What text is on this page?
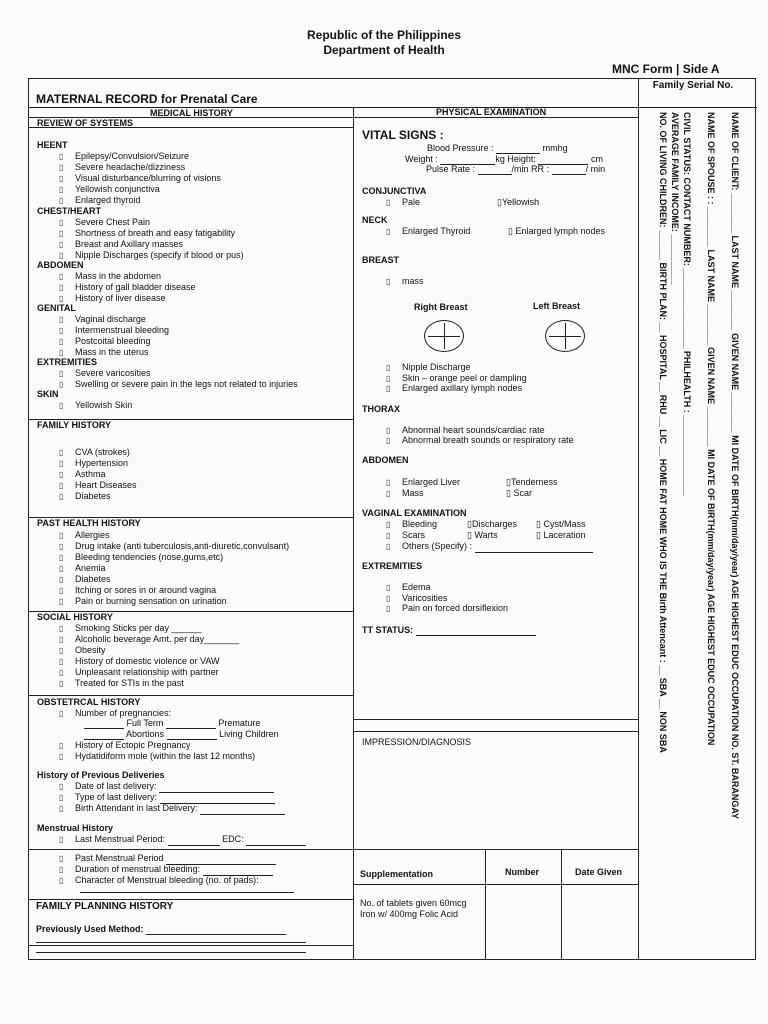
Republic of the Philippines
Department of Health
MNC Form | Side A
Family Serial No.
MATERNAL RECORD for Prenatal Care
MEDICAL HISTORY	PHYSICAL EXAMINATION
REVIEW OF SYSTEMS
HEENT
▯ Epilepsy/Convulsion/Seizure
▯ Severe headache/dizziness
▯ Visual disturbance/blurring of visions
▯ Yellowish conjunctiva
▯ Enlarged thyroid
CHEST/HEART
▯ Severe Chest Pain
▯ Shortness of breath and easy fatigability
▯ Breast and Axillary masses
▯ Nipple Discharges (specify if blood or pus)
ABDOMEN
▯ Mass in the abdomen
▯ History of gall bladder disease
▯ History of liver disease
GENITAL
▯ Vaginal discharge
▯ Intermenstrual bleeding
▯ Postcoital bleeding
▯ Mass in the uterus
EXTREMITIES
▯ Severe varicosities
▯ Swelling or severe pain in the legs not related to injuries
SKIN
▯ Yellowish Skin
FAMILY HISTORY
▯ CVA (strokes)
▯ Hypertension
▯ Asthma
▯ Heart Diseases
▯ Diabetes
PAST HEALTH HISTORY
▯ Allergies
▯ Drug intake (anti tuberculosis,anti-diuretic,convulsant)
▯ Bleeding tendencies (nose,gums,etc)
▯ Anemia
▯ Diabetes
▯ Itching or sores in or around vagina
▯ Pain or burning sensation on urination
SOCIAL HISTORY
▯ Smoking Sticks per day ______
▯ Alcoholic beverage Amt. per day_______
▯ Obesity
▯ History of domestic violence or VAW
▯ Unpleasant relationship with partner
▯ Treated for STIs in the past
OBSTETRCAL HISTORY
▯ Number of pregnancies:
Full Term	Premature
Abortions	Living Children
▯ History of Ectopic Pregnancy
▯ Hydatidiform mole (within the last 12 months)
History of Previous Deliveries
▯ Date of last delivery:
▯ Type of last delivery:
▯ Birth Attendant in last Delivery:
Menstrual History
▯ Last Menstrual Period:	EDC:
▯ Past Menstrual Period
▯ Duration of menstrual bleeding:
▯ Character of Menstrual bleeding (no. of pads):
FAMILY PLANNING HISTORY
Previously Used Method:
VITAL SIGNS :
Blood Pressure :	mmhg
Weight :	kg Height:	cm
Pulse Rate :	/min RR :	/ min
CONJUNCTIVA
▯ Pale	▯Yellowish
NECK
▯ Enlarged Thyroid	▯ Enlarged lymph nodes
BREAST
▯ mass
Right Breast	Left Breast
▯ Nipple Discharge
▯ Skin – orange peel or dampling
▯ Enlarged axillary lymph nodes
THORAX
▯ Abnormal heart sounds/cardiac rate
▯ Abnormal breath sounds or respiratory rate
ABDOMEN
▯ Enlarged Liver	▯Tenderness
▯ Mass	▯ Scar
VAGINAL EXAMINATION
▯ Bleeding	▯Discharges ▯ Cyst/Mass
▯ Scars	▯ Warts	▯ Laceration
▯ Others (Specify) :
EXTREMITIES
▯ Edema
▯ Varicosities
▯ Pain on forced dorsiflexion
TT STATUS:
IMPRESSION/DIAGNOSIS
Supplementation	Number	Date Given
No. of tablets given 60mcg Iron w/ 400mg Folic Acid
NAME OF CLIENT: ________ LAST NAME ________ GIVEN NAME ________ MI DATE OF BIRTH(mm/day/year) AGE HIGHEST EDUC OCCUPATION NO. ST. BARANGAY
NAME OF SPOUSE : : ________ LAST NAME ________ GIVEN NAME ________ MI DATE OF BIRTH(mm/day/year) AGE HIGHEST EDUC OCCUPATION
CIVIL STATUS: CONTACT NUMBER: ________________ PHILHEALTH : ________________
AVERAGE FAMILY INCOME: __________
NO. OF LIVING CHILDREN: ______ BIRTH PLAN: __ HOSPITAL __ RHU __ LIC __ HOME FAT HOME WHO IS THE Birth Attencant : __ SBA __ NON SBA
